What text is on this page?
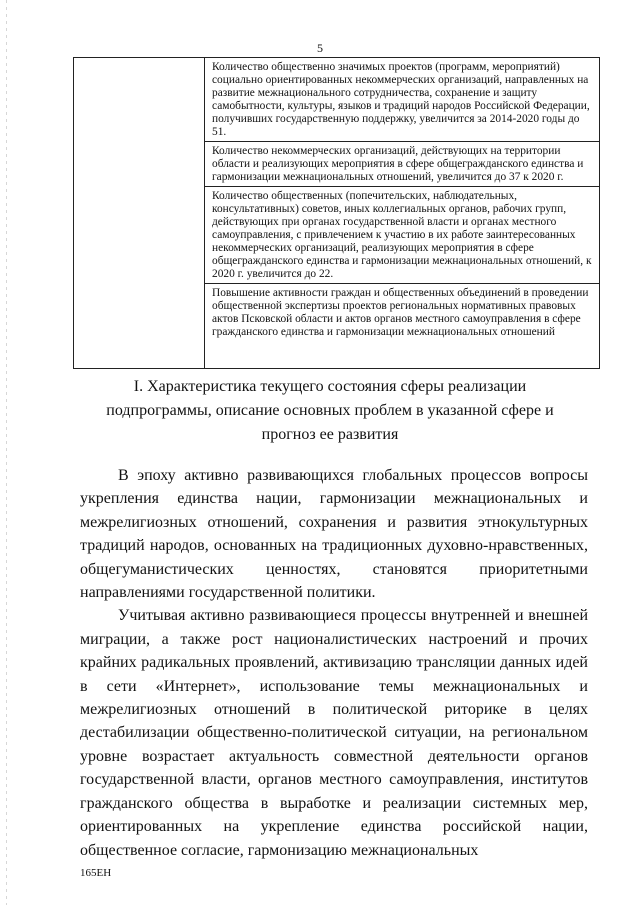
5
Количество общественно значимых проектов (программ, мероприятий) социально ориентированных некоммерческих организаций, направленных на развитие межнационального сотрудничества, сохранение и защиту самобытности, культуры, языков и традиций народов Российской Федерации, получивших государственную поддержку, увеличится за 2014-2020 годы до 51.
Количество некоммерческих организаций, действующих на территории области и реализующих мероприятия в сфере общегражданского единства и гармонизации межнациональных отношений, увеличится до 37 к 2020 г.
Количество общественных (попечительских, наблюдательных, консультативных) советов, иных коллегиальных органов, рабочих групп, действующих при органах государственной власти и органах местного самоуправления, с привлечением к участию в их работе заинтересованных некоммерческих организаций, реализующих мероприятия в сфере общегражданского единства и гармонизации межнациональных отношений, к 2020 г. увеличится до 22.
Повышение активности граждан и общественных объединений в проведении общественной экспертизы проектов региональных нормативных правовых актов Псковской области и актов органов местного самоуправления в сфере гражданского единства и гармонизации межнациональных отношений
I. Характеристика текущего состояния сферы реализации подпрограммы, описание основных проблем в указанной сфере и прогноз ее развития

В эпоху активно развивающихся глобальных процессов вопросы укрепления единства нации, гармонизации межнациональных и межрелигиозных отношений, сохранения и развития этнокультурных традиций народов, основанных на традиционных духовно-нравственных, общегуманистических ценностях, становятся приоритетными направлениями государственной политики.

Учитывая активно развивающиеся процессы внутренней и внешней миграции, а также рост националистических настроений и прочих крайних радикальных проявлений, активизацию трансляции данных идей в сети «Интернет», использование темы межнациональных и межрелигиозных отношений в политической риторике в целях дестабилизации общественно-политической ситуации, на региональном уровне возрастает актуальность совместной деятельности органов государственной власти, органов местного самоуправления, институтов гражданского общества в выработке и реализации системных мер, ориентированных на укрепление единства российской нации, общественное согласие, гармонизацию межнациональных

165ЕН
